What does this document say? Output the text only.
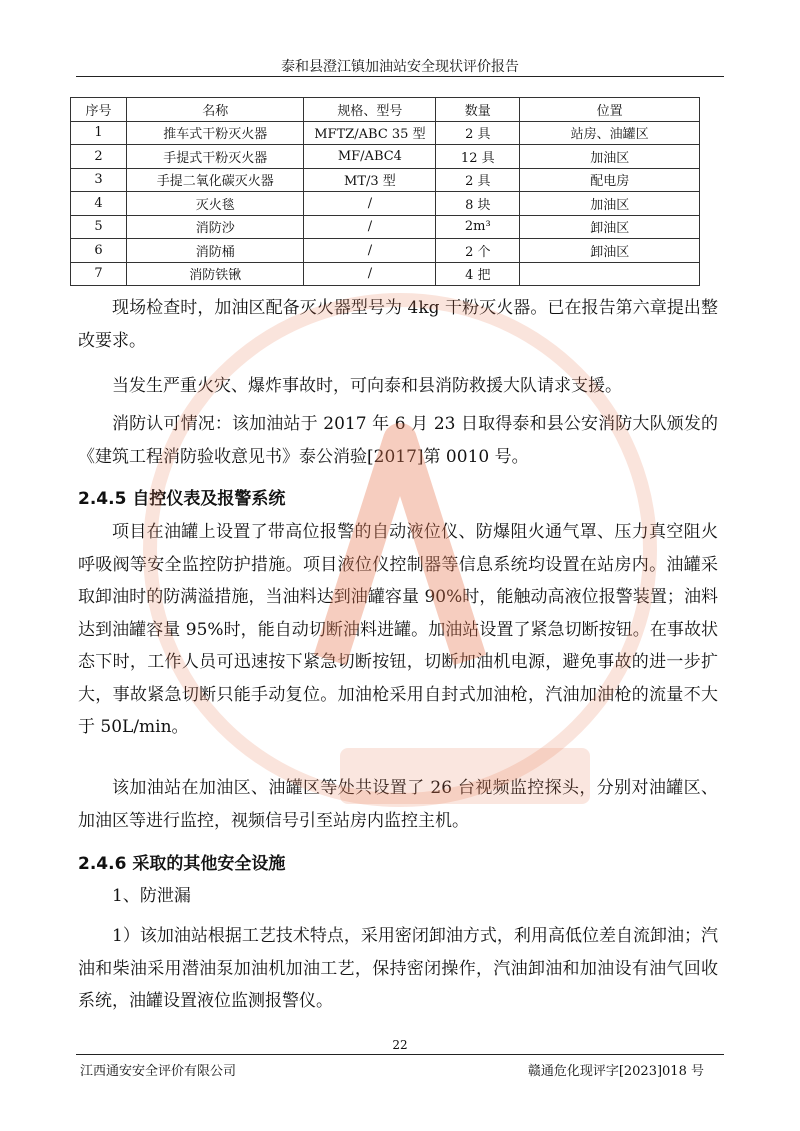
泰和县澄江镇加油站安全现状评价报告
序号	名称	规格、型号	数量	位置
1	推车式干粉灭火器	MFTZ/ABC 35 型	2 具	站房、油罐区
2	手提式干粉灭火器	MF/ABC4	12 具	加油区
3	手提二氧化碳灭火器	MT/3 型	2 具	配电房
4	灭火毯	/	8 块	加油区
5	消防沙	/	2m³	卸油区
6	消防桶	/	2 个	卸油区
7	消防铁锹	/	4 把	
现场检查时，加油区配备灭火器型号为 4kg 干粉灭火器。已在报告第六章提出整改要求。
当发生严重火灾、爆炸事故时，可向泰和县消防救援大队请求支援。
消防认可情况：该加油站于 2017 年 6 月 23 日取得泰和县公安消防大队颁发的《建筑工程消防验收意见书》泰公消验[2017]第 0010 号。
2.4.5 自控仪表及报警系统
项目在油罐上设置了带高位报警的自动液位仪、防爆阻火通气罩、压力真空阻火呼吸阀等安全监控防护措施。项目液位仪控制器等信息系统均设置在站房内。油罐采取卸油时的防满溢措施，当油料达到油罐容量 90%时，能触动高液位报警装置；油料达到油罐容量 95%时，能自动切断油料进罐。加油站设置了紧急切断按钮。在事故状态下时，工作人员可迅速按下紧急切断按钮，切断加油机电源，避免事故的进一步扩大，事故紧急切断只能手动复位。加油枪采用自封式加油枪，汽油加油枪的流量不大于 50L/min。
该加油站在加油区、油罐区等处共设置了 26 台视频监控探头，分别对油罐区、加油区等进行监控，视频信号引至站房内监控主机。
2.4.6 采取的其他安全设施
1、防泄漏
1）该加油站根据工艺技术特点，采用密闭卸油方式，利用高低位差自流卸油；汽油和柴油采用潜油泵加油机加油工艺，保持密闭操作，汽油卸油和加油设有油气回收系统，油罐设置液位监测报警仪。
22
江西通安安全评价有限公司	赣通危化现评字[2023]018 号
